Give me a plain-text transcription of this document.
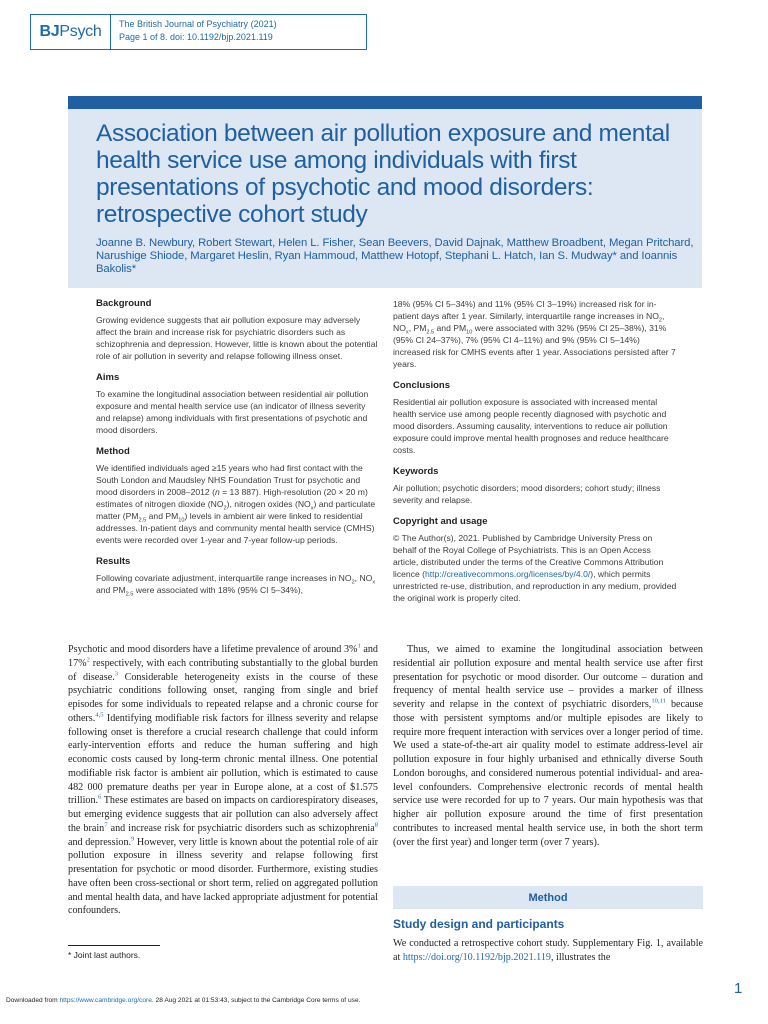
BJ Psych The British Journal of Psychiatry (2021)
Page 1 of 8. doi: 10.1192/bjp.2021.119
Association between air pollution exposure and mental health service use among individuals with first presentations of psychotic and mood disorders: retrospective cohort study
Joanne B. Newbury, Robert Stewart, Helen L. Fisher, Sean Beevers, David Dajnak, Matthew Broadbent, Megan Pritchard, Narushige Shiode, Margaret Heslin, Ryan Hammoud, Matthew Hotopf, Stephani L. Hatch, Ian S. Mudway* and Ioannis Bakolis*
Background

Growing evidence suggests that air pollution exposure may adversely affect the brain and increase risk for psychiatric disorders such as schizophrenia and depression. However, little is known about the potential role of air pollution in severity and relapse following illness onset.

Aims

To examine the longitudinal association between residential air pollution exposure and mental health service use (an indicator of illness severity and relapse) among individuals with first presentations of psychotic and mood disorders.

Method

We identified individuals aged ≥15 years who had first contact with the South London and Maudsley NHS Foundation Trust for psychotic and mood disorders in 2008–2012 (n = 13 887). High-resolution (20 × 20 m) estimates of nitrogen dioxide $(NO_2)$, nitrogen oxides $(NO_x)$ and particulate matter ($PM_{2.5}$ and $PM_{10}$) levels in ambient air were linked to residential addresses. In-patient days and community mental health service (CMHS) events were recorded over 1-year and 7-year follow-up periods.

Results

Following covariate adjustment, interquartile range increases in $NO_2$, $NO_x$ and $PM_{2.5}$ were associated with 18% (95% CI 5–34%),

18% (95% CI 5–34%) and 11% (95% CI 3–19%) increased risk for in-patient days after 1 year. Similarly, interquartile range increases in $NO_2$, $NO_x$, $PM_{2.5}$ and $PM_{10}$ were associated with 32% (95% CI 25–38%), 31% (95% CI 24–37%), 7% (95% CI 4–11%) and 9% (95% CI 5–14%) increased risk for CMHS events after 1 year. Associations persisted after 7 years.

Conclusions

Residential air pollution exposure is associated with increased mental health service use among people recently diagnosed with psychotic and mood disorders. Assuming causality, interventions to reduce air pollution exposure could improve mental health prognoses and reduce healthcare costs.

Keywords

Air pollution; psychotic disorders; mood disorders; cohort study; illness severity and relapse.

Copyright and usage

© The Author(s), 2021. Published by Cambridge University Press on behalf of the Royal College of Psychiatrists. This is an Open Access article, distributed under the terms of the Creative Commons Attribution licence (http://creativecommons.org/licenses/by/4.0/), which permits unrestricted re-use, distribution, and reproduction in any medium, provided the original work is properly cited.

Psychotic and mood disorders have a lifetime prevalence of around 3%$^1$ and 17%$^2$ respectively, with each contributing substantially to the global burden of disease.$^3$ Considerable heterogeneity exists in the course of these psychiatric conditions following onset, ranging from single and brief episodes for some individuals to repeated relapse and a chronic course for others.$^{4,5}$ Identifying modifiable risk factors for illness severity and relapse following onset is therefore a crucial research challenge that could inform early-intervention efforts and reduce the human suffering and high economic costs caused by long-term chronic mental illness. One potential modifiable risk factor is ambient air pollution, which is estimated to cause 482 000 premature deaths per year in Europe alone, at a cost of $1.575 trillion.$^6$ These estimates are based on impacts on cardiorespiratory diseases, but emerging evidence suggests that air pollution can also adversely affect the brain$^7$ and increase risk for psychiatric disorders such as schizophrenia$^8$ and depression.$^9$ However, very little is known about the potential role of air pollution exposure in illness severity and relapse following first presentation for psychotic or mood disorder. Furthermore, existing studies have often been cross-sectional or short term, relied on aggregated pollution and mental health data, and have lacked appropriate adjustment for potential confounders.

Thus, we aimed to examine the longitudinal association between residential air pollution exposure and mental health service use after first presentation for psychotic or mood disorder. Our outcome – duration and frequency of mental health service use – provides a marker of illness severity and relapse in the context of psychiatric disorders,$^{10,11}$ because those with persistent symptoms and/or multiple episodes are likely to require more frequent interaction with services over a longer period of time. We used a state-of-the-art air quality model to estimate address-level air pollution exposure in four highly urbanised and ethnically diverse South London boroughs, and considered numerous potential individual- and area-level confounders. Comprehensive electronic records of mental health service use were recorded for up to 7 years. Our main hypothesis was that higher air pollution exposure around the time of first presentation contributes to increased mental health service use, in both the short term (over the first year) and longer term (over 7 years).

Method
Study design and participants

We conducted a retrospective cohort study. Supplementary Fig. 1, available at https://doi.org/10.1192/bjp.2021.119, illustrates the

* Joint last authors.
Downloaded from https://www.cambridge.org/core. 28 Aug 2021 at 01:53:43, subject to the Cambridge Core terms of use.
1
